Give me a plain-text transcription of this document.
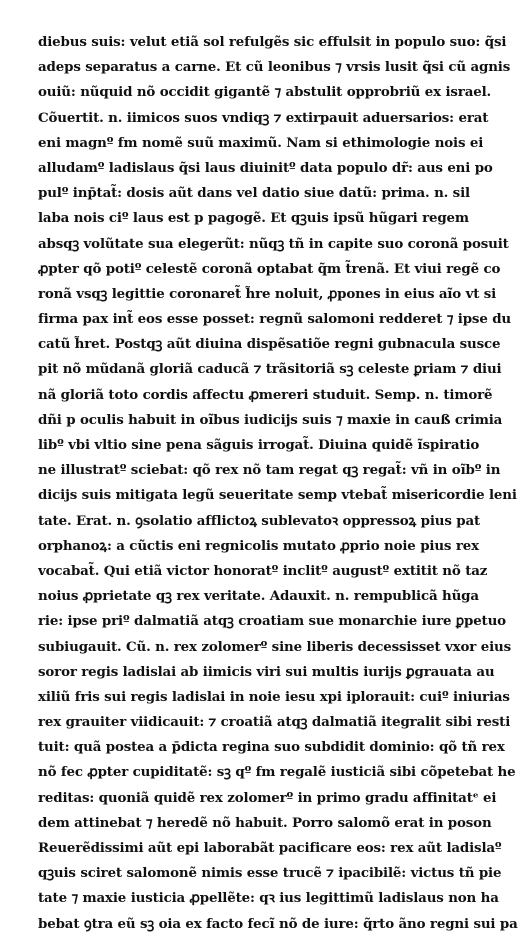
diebus suis: velut etiã sol refulgẽs sic effulsit in populo suo: q̃si
adeps separatus a carne. Et cũ leonibus ⁊ vrsis lusit q̃si cũ agnis
ouiũ: nũquid nõ occidit gigantẽ ⁊ abstulit opprobriũ ex israel.
Cõuertit. n. iimicos suos vndiqꝫ ⁊ extirpauit aduersarios: erat
eni magnº fm nomẽ suũ maximũ. Nam si ethimologie nois ei
alludamº ladislaus q̃si laus diuinitº data populo dr̃: aus eni po
pulº inp̄tat̃: dosis aũt dans vel datio siue datũ: prima. n. sil
laba nois ciº laus est p pagogẽ. Et qꝫuis ipsũ hũgari regem
absqꝫ volũtate sua elegerũt: nũqꝫ tñ in capite suo coronã posuit
ꝓpter qõ potiº celestẽ coronã optabat q̃m t̃renã. Et viui regẽ co
ronã vsqꝫ legittie coronaret̃ h̃re noluit, ꝓpones in eius aĩo vt si
firma pax int̃ eos esse posset: regnũ salomoni redderet ⁊ ipse du
catũ h̃ret. Postqꝫ aũt diuina dispẽsatiõe regni gubnacula susce
pit nõ mũdanã gloriã caducã ⁊ trãsitoriã sꝫ celeste ꝑriam ⁊ diui
nã gloriã toto cordis affectu ꝓmereri studuit. Semp. n. timorẽ
dñi p oculis habuit in oĩbus iudicijs suis ⁊ maxie in cauß crimia
libº vbi vltio sine pena sãguis irrogat̃. Diuina quidẽ ĩspiratio
ne illustratº sciebat: qõ rex nõ tam regat qꝫ regat̃: vñ in oĩbº in
dicijs suis mitigata legũ seueritate semp vtebat̃ misericordie leni
tate. Erat. n. ꝯsolatio afflictoꝝ sublevatoꝛ oppressoꝝ pius pat
orphanoꝝ: a cũctis eni regnicolis mutato ꝓprio noie pius rex
vocabat̃. Qui etiã victor honoratº inclitº augustº extitit nõ taz
noius ꝓprietate qꝫ rex veritate. Adauxit. n. rempublicã hũga
rie: ipse priº dalmatiã atqꝫ croatiam sue monarchie iure ꝑpetuo
subiugauit. Cũ. n. rex zolomerº sine liberis decessisset vxor eius
soror regis ladislai ab iimicis viri sui multis iurijs ꝑgrauata au
xiliũ fris sui regis ladislai in noie iesu xpi iplorauit: cuiº iniurias
rex grauiter viidicauit: ⁊ croatiã atqꝫ dalmatiã itegralit sibi resti
tuit: quã postea a p̄dicta regina suo subdidit dominio: qõ tñ rex
nõ fec ꝓpter cupiditatẽ: sꝫ qº fm regalẽ iusticiã sibi cõpetebat he
reditas: quoniã quidẽ rex zolomerº in primo gradu affinitatᵉ ei
dem attinebat ⁊ heredẽ nõ habuit. Porro salomõ erat in poson
Reuerẽdissimi aũt epi laborabãt pacificare eos: rex aũt ladislaº
qꝫuis sciret salomonẽ nimis esse trucẽ ⁊ ipacibilẽ: victus tñ pie
tate ⁊ maxie iusticia ꝓpellẽte: qꝛ ius legittimũ ladislaus non ha
bebat ꝯtra eũ sꝫ oia ex facto fecĩ nõ de iure: q̃rto ãno regni sui pa
